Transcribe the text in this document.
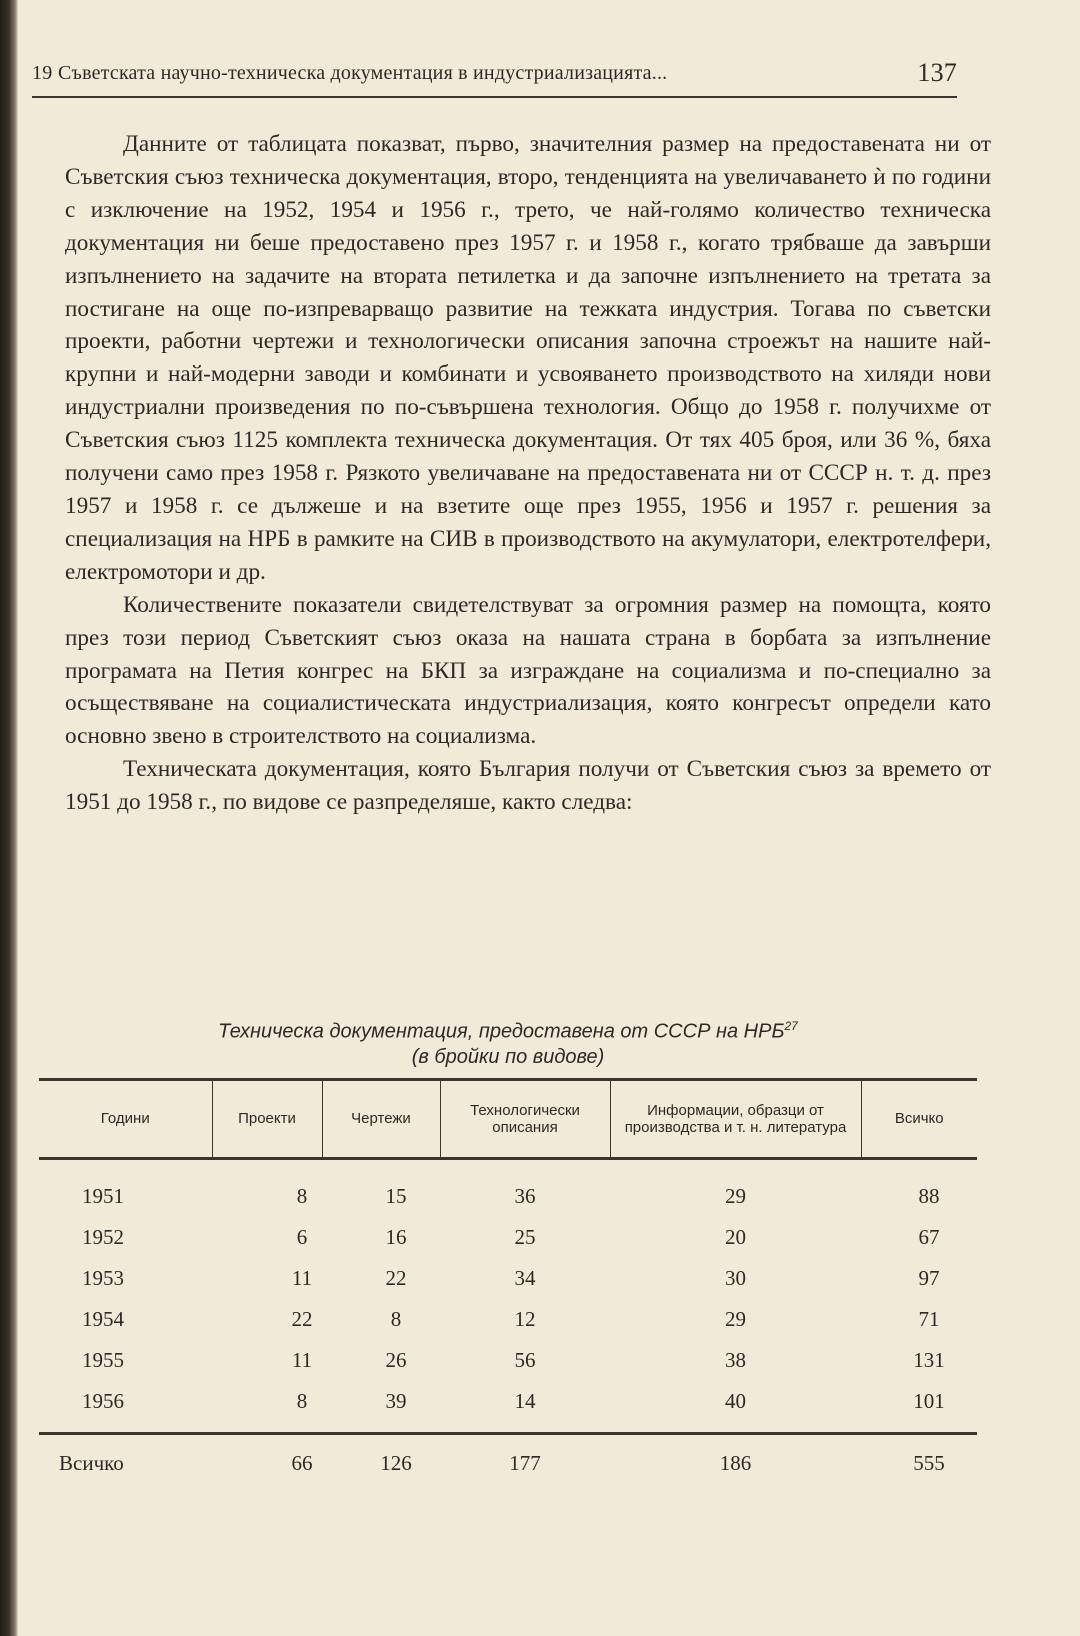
19 Съветската научно-техническа документация в индустриализацията...	137

Данните от таблицата показват, първо, значителния размер на предоставената ни от Съветския съюз техническа документация, второ, тенденцията на увеличаването ѝ по години с изключение на 1952, 1954 и 1956 г., трето, че най-голямо количество техническа документация ни беше предоставено през 1957 г. и 1958 г., когато трябваше да завърши изпълнението на задачите на втората петилетка и да започне изпълнението на третата за постигане на още по-изпреварващо развитие на тежката индустрия. Тогава по съветски проекти, работни чертежи и технологически описания започна строежът на нашите най-крупни и най-модерни заводи и комбинати и усвояването производството на хиляди нови индустриални произведения по по-съвършена технология. Общо до 1958 г. получихме от Съветския съюз 1125 комплекта техническа документация. От тях 405 броя, или 36 %, бяха получени само през 1958 г. Рязкото увеличаване на предоставената ни от СССР н. т. д. през 1957 и 1958 г. се дължеше и на взетите още през 1955, 1956 и 1957 г. решения за специализация на НРБ в рамките на СИВ в производството на акумулатори, електротелфери, електромотори и др.

Количествените показатели свидетелствуват за огромния размер на помощта, която през този период Съветският съюз оказа на нашата страна в борбата за изпълнение програмата на Петия конгрес на БКП за изграждане на социализма и по-специално за осъществяване на социалистическата индустриализация, която конгресът определи като основно звено в строителството на социализма.

Техническата документация, която България получи от Съветския съюз за времето от 1951 до 1958 г., по видове се разпределяше, както следва:

Техническа документация, предоставена от СССР на НРБ$^{27}$
(в бройки по видове)
Години	Проекти	Чертежи	Технологически описания	Информации, образци от производства и т. н. литература	Всичко
1951	8	15	36	29	88
1952	6	16	25	20	67
1953	11	22	34	30	97
1954	22	8	12	29	71
1955	11	26	56	38	131
1956	8	39	14	40	101
Всичко	66	126	177	186	555
